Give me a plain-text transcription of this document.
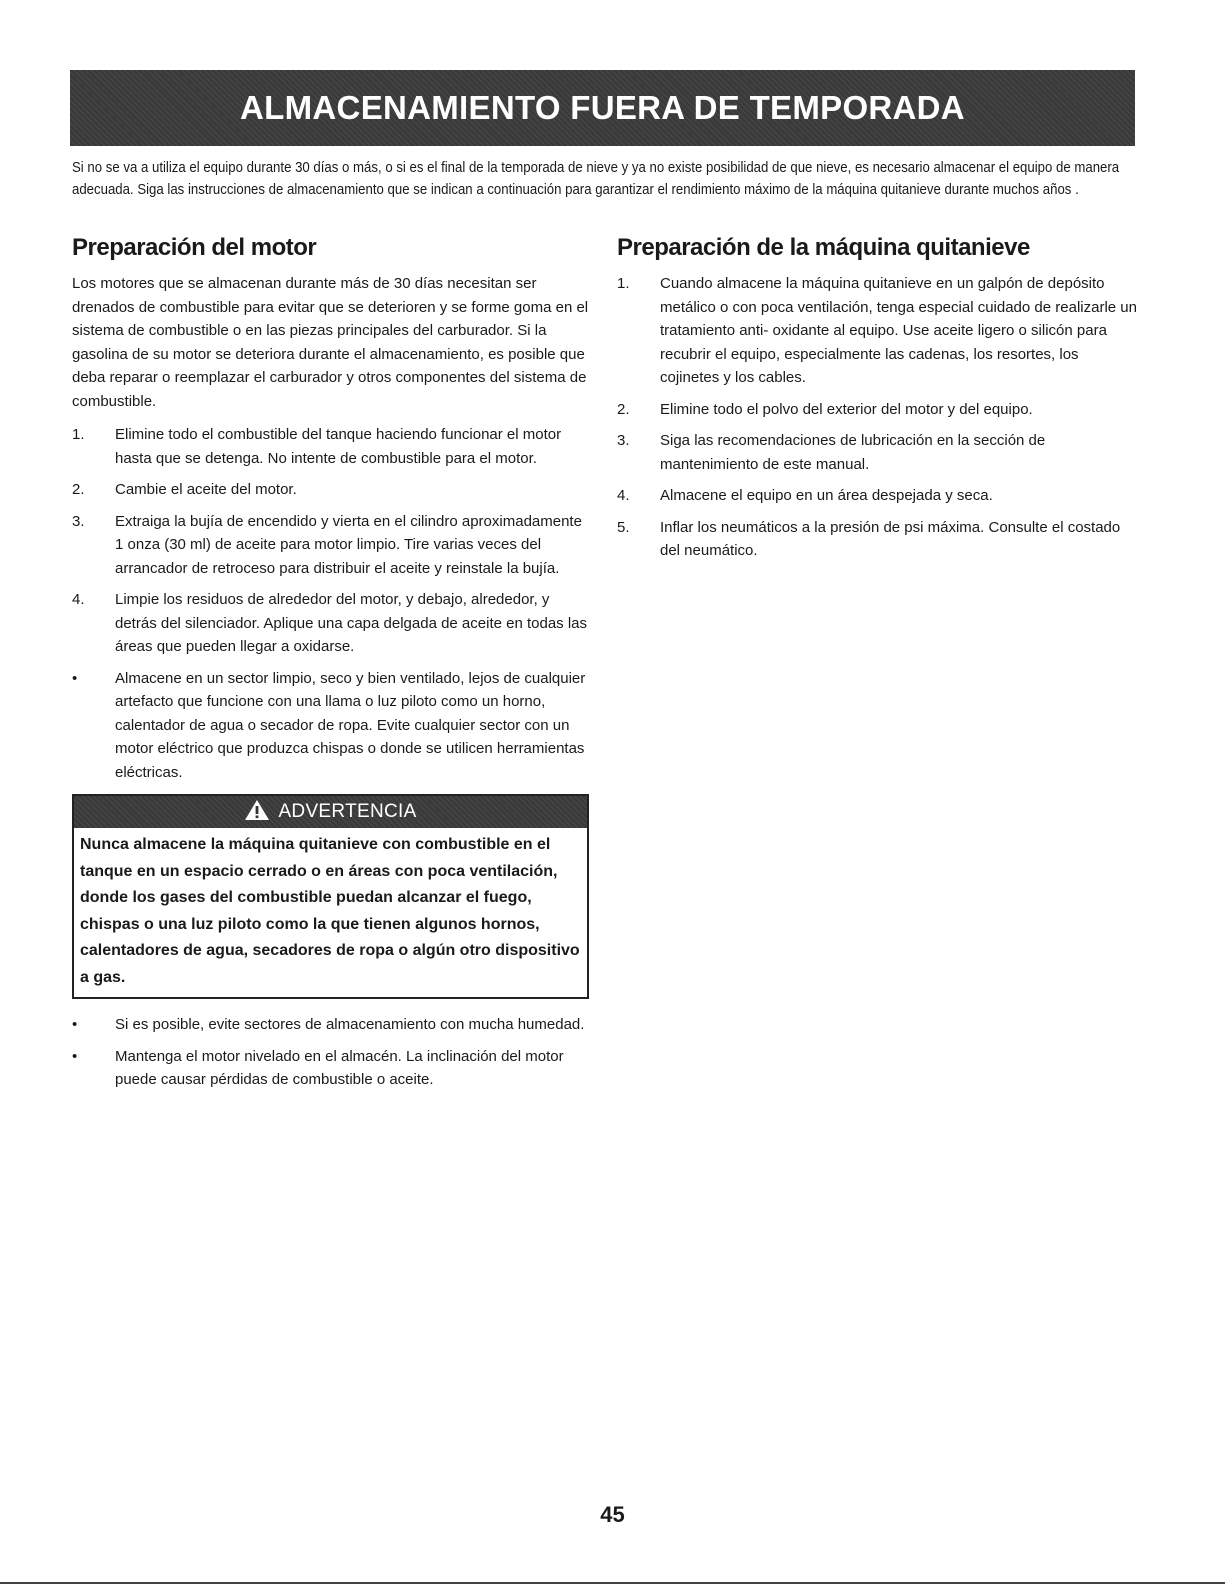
ALMACENAMIENTO FUERA DE TEMPORADA

Si no se va a utiliza el equipo durante 30 días o más, o si es el final de la temporada de nieve y ya no existe posibilidad de que nieve, es necesario almacenar el equipo de manera adecuada. Siga las instrucciones de almacenamiento que se indican a continuación para garantizar el rendimiento máximo de la máquina quitanieve durante muchos años .

Preparación del motor

Los motores que se almacenan durante más de 30 días necesitan ser drenados de combustible para evitar que se deterioren y se forme goma en el sistema de combustible o en las piezas principales del carburador. Si la gasolina de su motor se deteriora durante el almacenamiento, es posible que deba reparar o reemplazar el carburador y otros componentes del sistema de combustible.

1.	Elimine todo el combustible del tanque haciendo funcionar el motor hasta que se detenga. No intente de combustible para el motor.
2.	Cambie el aceite del motor.
3.	Extraiga la bujía de encendido y vierta en el cilindro aproximadamente 1 onza (30 ml) de aceite para motor limpio. Tire varias veces del arrancador de retroceso para distribuir el aceite y reinstale la bujía.
4.	Limpie los residuos de alrededor del motor, y debajo, alrededor, y detrás del silenciador. Aplique una capa delgada de aceite en todas las áreas que pueden llegar a oxidarse.
•	Almacene en un sector limpio, seco y bien ventilado, lejos de cualquier artefacto que funcione con una llama o luz piloto como un horno, calentador de agua o secador de ropa. Evite cualquier sector con un motor eléctrico que produzca chispas o donde se utilicen herramientas eléctricas.
ADVERTENCIA
Nunca almacene la máquina quitanieve con combustible en el tanque en un espacio cerrado o en áreas con poca ventilación, donde los gases del combustible puedan alcanzar el fuego, chispas o una luz piloto como la que tienen algunos hornos, calentadores de agua, secadores de ropa o algún otro dispositivo a gas.
•	Si es posible, evite sectores de almacenamiento con mucha humedad.
•	Mantenga el motor nivelado en el almacén. La inclinación del motor puede causar pérdidas de combustible o aceite.
Preparación de la máquina quitanieve
1.	Cuando almacene la máquina quitanieve en un galpón de depósito metálico o con poca ventilación, tenga especial cuidado de realizarle un tratamiento anti- oxidante al equipo. Use aceite ligero o silicón para recubrir el equipo, especialmente las cadenas, los resortes, los cojinetes y los cables.
2.	Elimine todo el polvo del exterior del motor y del equipo.
3.	Siga las recomendaciones de lubricación en la sección de mantenimiento de este manual.
4.	Almacene el equipo en un área despejada y seca.
5.	Inflar los neumáticos a la presión de psi máxima. Consulte el costado del neumático.
45
